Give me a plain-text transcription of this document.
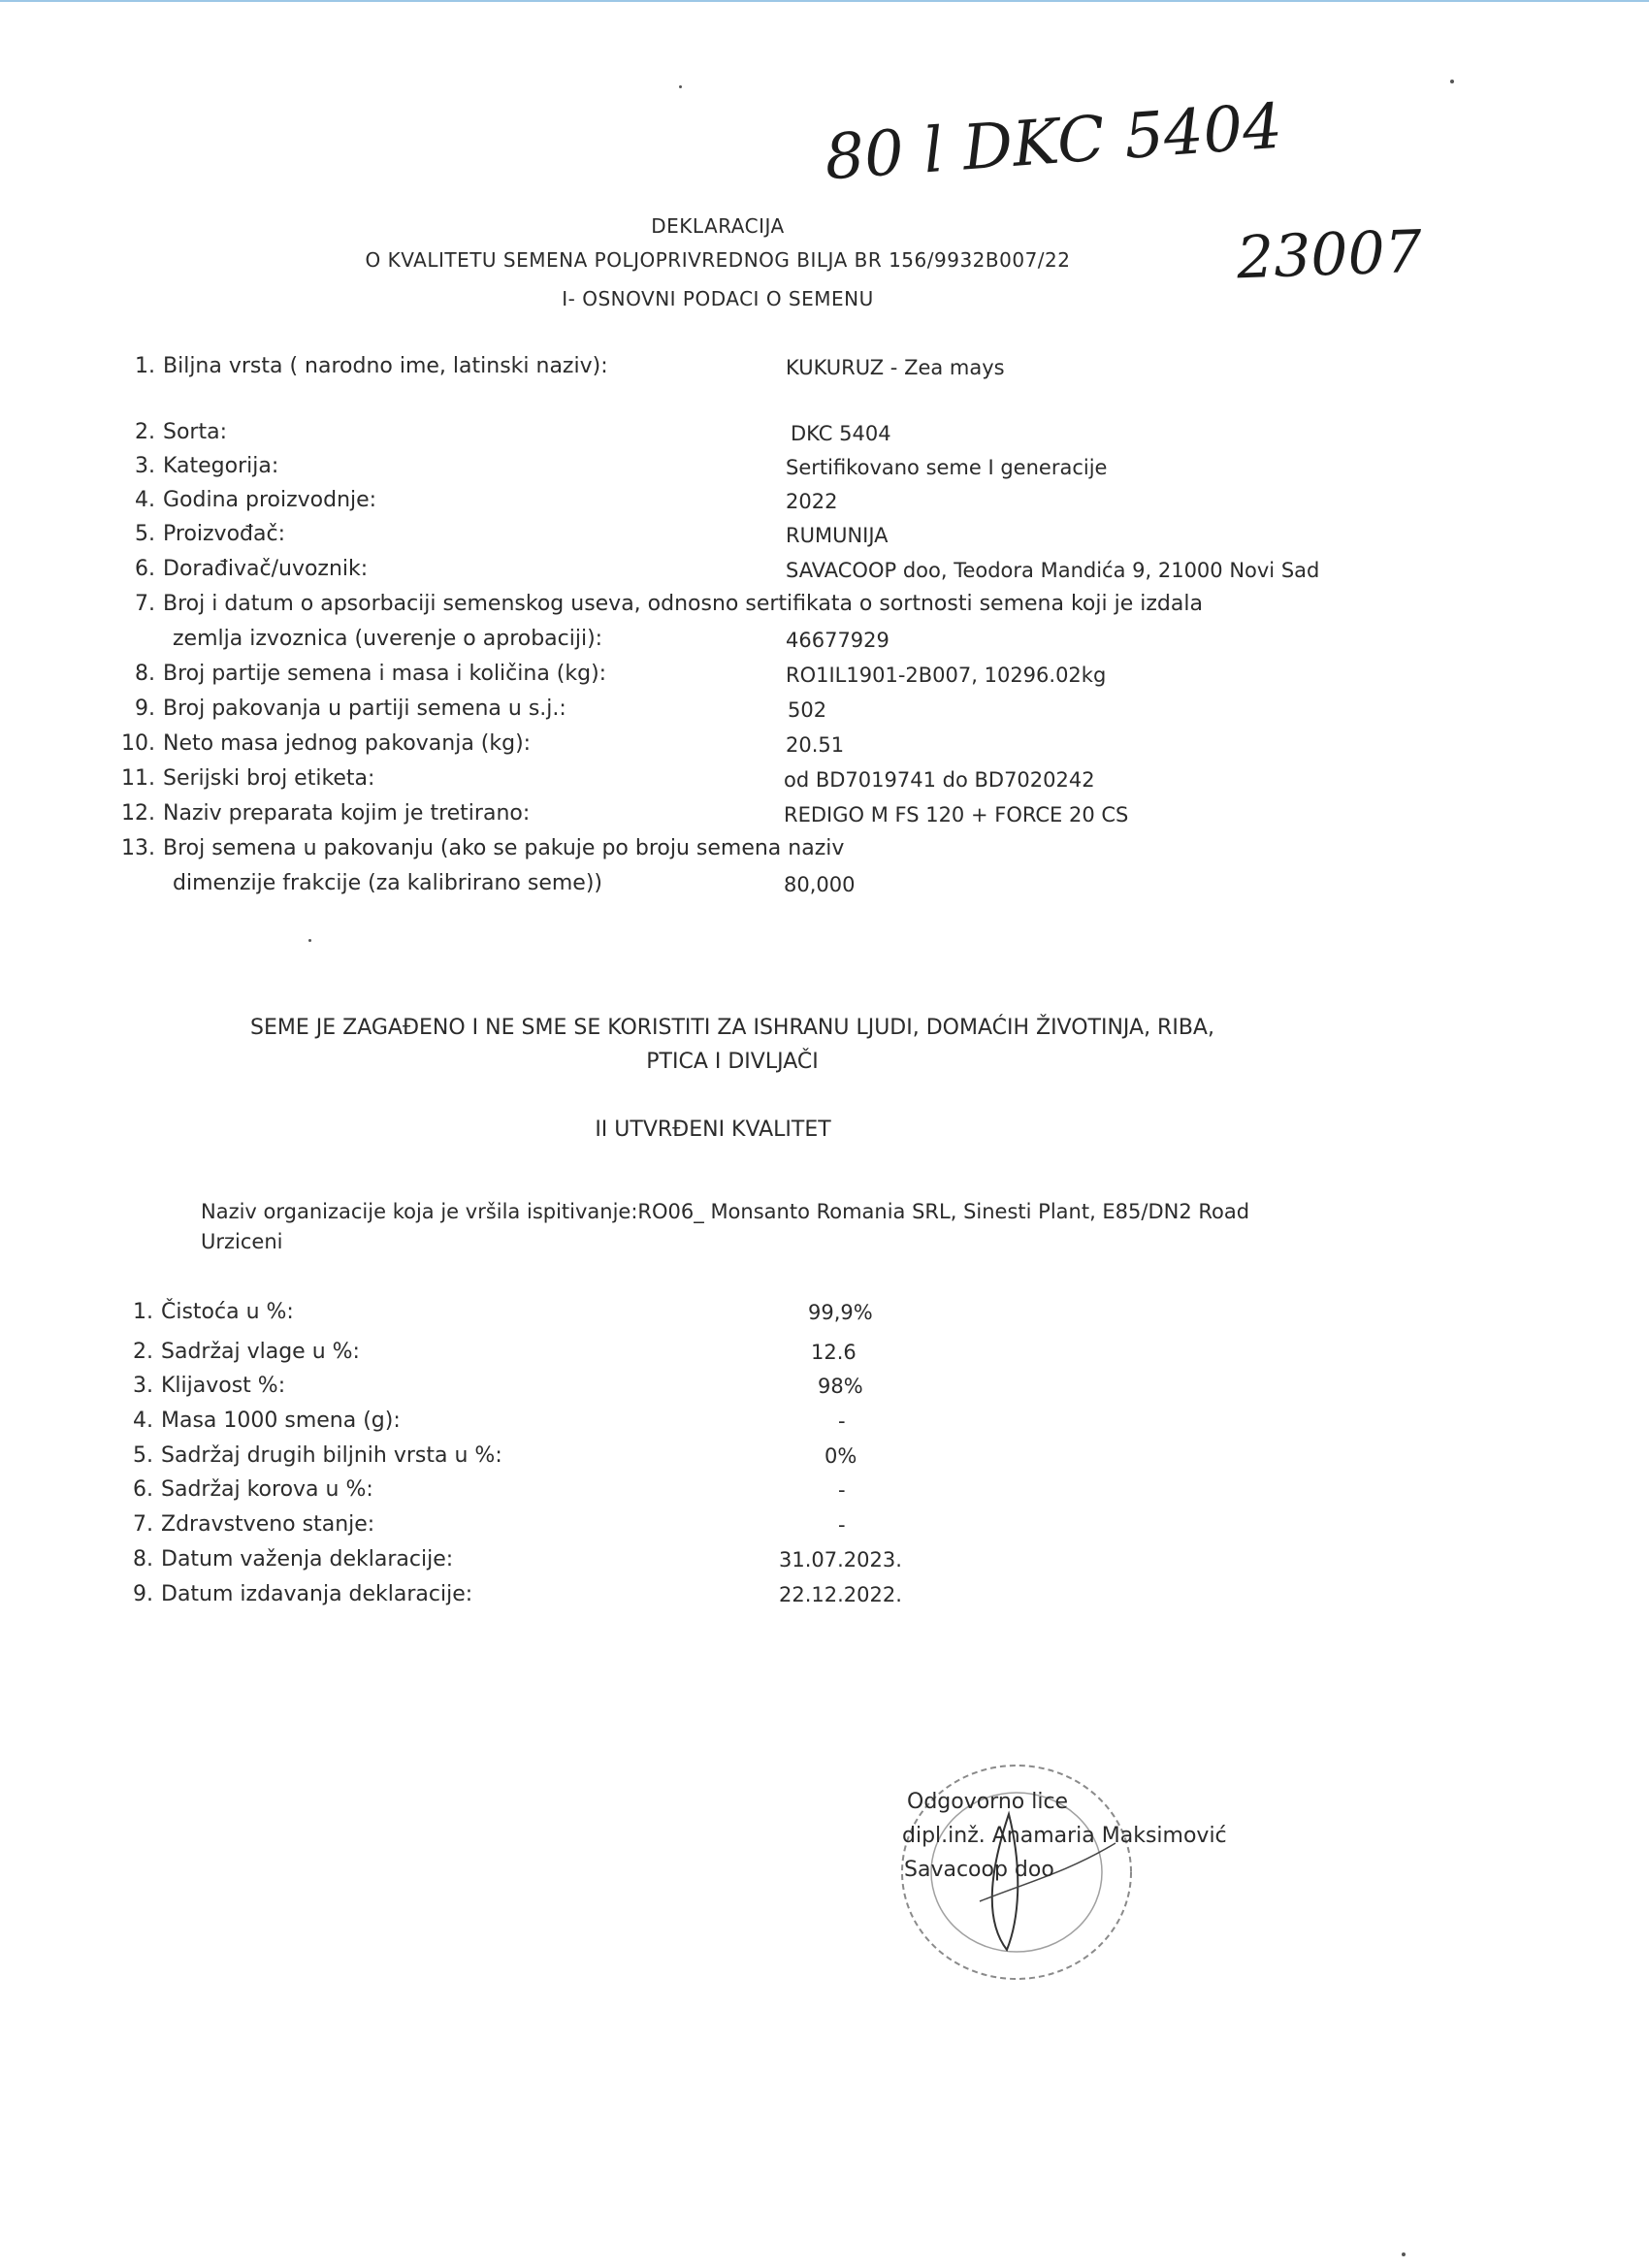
80 l DKC 5404
23007
DEKLARACIJA
O KVALITETU SEMENA POLJOPRIVREDNOG BILJA BR 156/9932B007/22
I- OSNOVNI PODACI O SEMENU
1. Biljna vrsta ( narodno ime, latinski naziv):	KUKURUZ - Zea mays
2. Sorta:	DKC 5404
3. Kategorija:	Sertifikovano seme I generacije
4. Godina proizvodnje:	2022
5. Proizvođač:	RUMUNIJA
6. Dorađivač/uvoznik:	SAVACOOP doo, Teodora Mandića 9, 21000 Novi Sad
7. Broj i datum o apsorbaciji semenskog useva, odnosno sertifikata o sortnosti semena koji je izdala
zemlja izvoznica (uverenje o aprobaciji):	46677929
8. Broj partije semena i masa i količina (kg):	RO1IL1901-2B007, 10296.02kg
9. Broj pakovanja u partiji semena u s.j.:	502
10. Neto masa jednog pakovanja (kg):	20.51
11. Serijski broj etiketa:	od BD7019741 do BD7020242
12. Naziv preparata kojim je tretirano:	REDIGO M FS 120 + FORCE 20 CS
13. Broj semena u pakovanju (ako se pakuje po broju semena naziv
dimenzije frakcije (za kalibrirano seme))	80,000
SEME JE ZAGAĐENO I NE SME SE KORISTITI ZA ISHRANU LJUDI, DOMAĆIH ŽIVOTINJA, RIBA,
PTICA I DIVLJAČI
II UTVRĐENI KVALITET
Naziv organizacije koja je vršila ispitivanje:RO06_ Monsanto Romania SRL, Sinesti Plant, E85/DN2 Road
Urziceni
1. Čistoća u %:	99,9%
2. Sadržaj vlage u %:	12.6
3. Klijavost %:	98%
4. Masa 1000 smena (g):	-
5. Sadržaj drugih biljnih vrsta u %:	0%
6. Sadržaj korova u %:	-
7. Zdravstveno stanje:	-
8. Datum važenja deklaracije:	31.07.2023.
9. Datum izdavanja deklaracije:	22.12.2022.
Odgovorno lice
dipl.inž. Anamaria Maksimović
Savacoop doo
